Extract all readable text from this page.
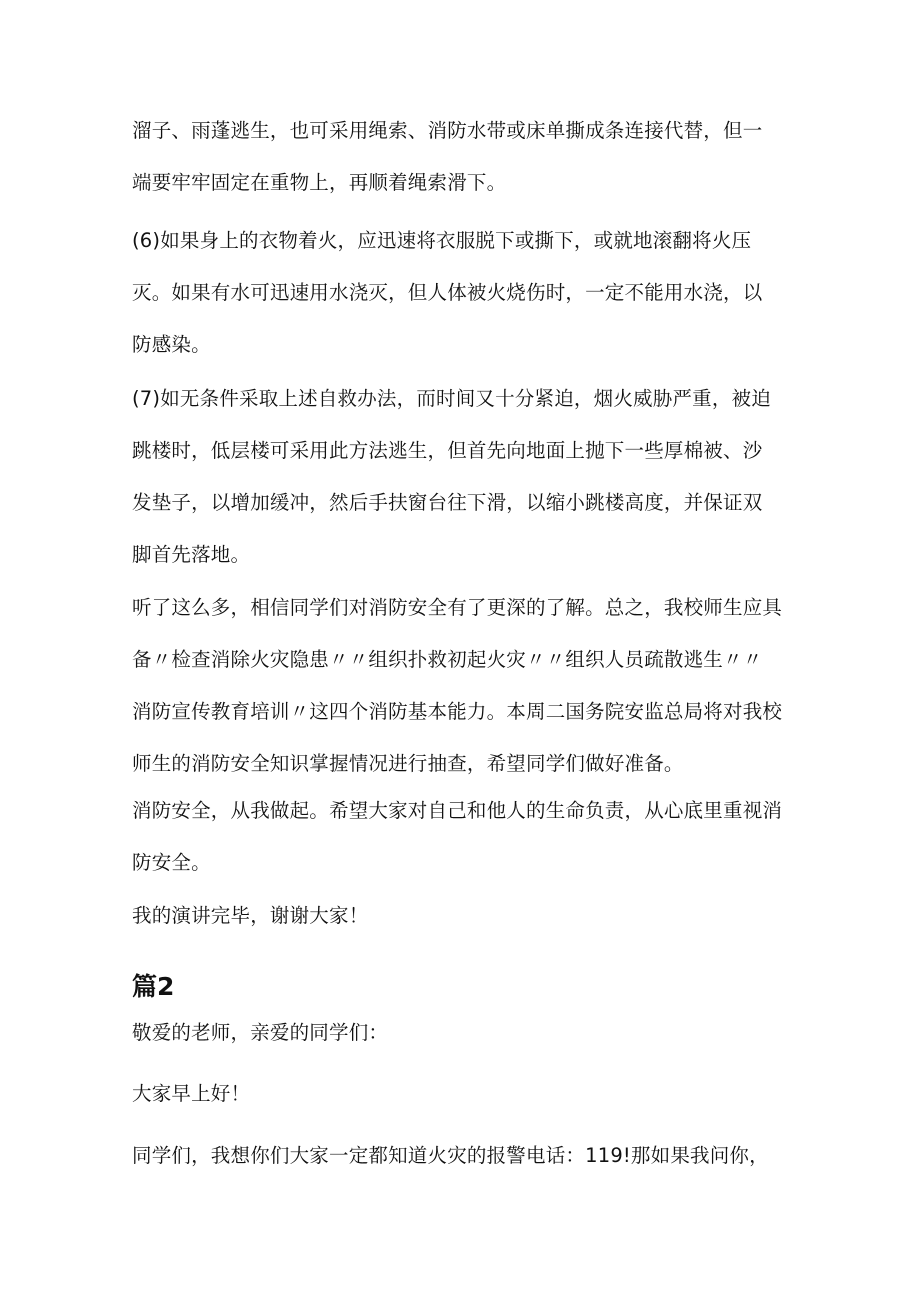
溜子、雨蓬逃生，也可采用绳索、消防水带或床单撕成条连接代替，但一
端要牢牢固定在重物上，再顺着绳索滑下。
(6)如果身上的衣物着火，应迅速将衣服脱下或撕下，或就地滚翻将火压
灭。如果有水可迅速用水浇灭，但人体被火烧伤时，一定不能用水浇，以
防感染。
(7)如无条件采取上述自救办法，而时间又十分紧迫，烟火威胁严重，被迫
跳楼时，低层楼可采用此方法逃生，但首先向地面上抛下一些厚棉被、沙
发垫子，以增加缓冲，然后手扶窗台往下滑，以缩小跳楼高度，并保证双
脚首先落地。
听了这么多，相信同学们对消防安全有了更深的了解。总之，我校师生应具
备〃检查消除火灾隐患〃〃组织扑救初起火灾〃〃组织人员疏散逃生〃〃
消防宣传教育培训〃这四个消防基本能力。本周二国务院安监总局将对我校
师生的消防安全知识掌握情况进行抽查，希望同学们做好准备。
消防安全，从我做起。希望大家对自己和他人的生命负责，从心底里重视消
防安全。
我的演讲完毕，谢谢大家！
篇2
敬爱的老师，亲爱的同学们：
大家早上好！
同学们，我想你们大家一定都知道火灾的报警电话：119!那如果我问你，
